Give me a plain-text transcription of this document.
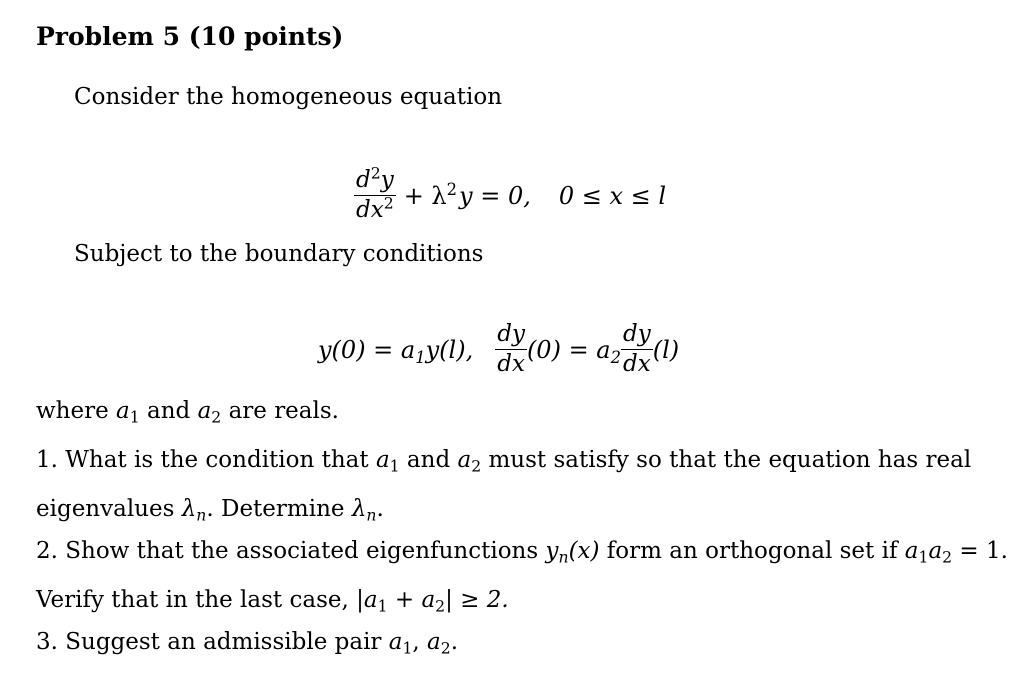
Problem 5 (10 points)
Consider the homogeneous equation
$\frac{d^2y}{dx^2} + \lambda^2$ y = 0, 0 ≤ x ≤ l
Subject to the boundary conditions
$y(0) = a_1y(l)$, $\frac{dy}{dx} (0) = a_2 \frac{dy}{dx} (l)$
where $a_1$ and $a_2$ are reals.
1. What is the condition that $a_1$ and $a_2$ must satisfy so that the equation has real
eigenvalues $\lambda_n$. Determine $\lambda_n$.
2. Show that the associated eigenfunctions $y_n(x)$ form an orthogonal set if $a_1a_2 = 1$.
Verify that in the last case, $|a_1 + a_2| \ge 2$.
3. Suggest an admissible pair $a_1$, $a_2$.
